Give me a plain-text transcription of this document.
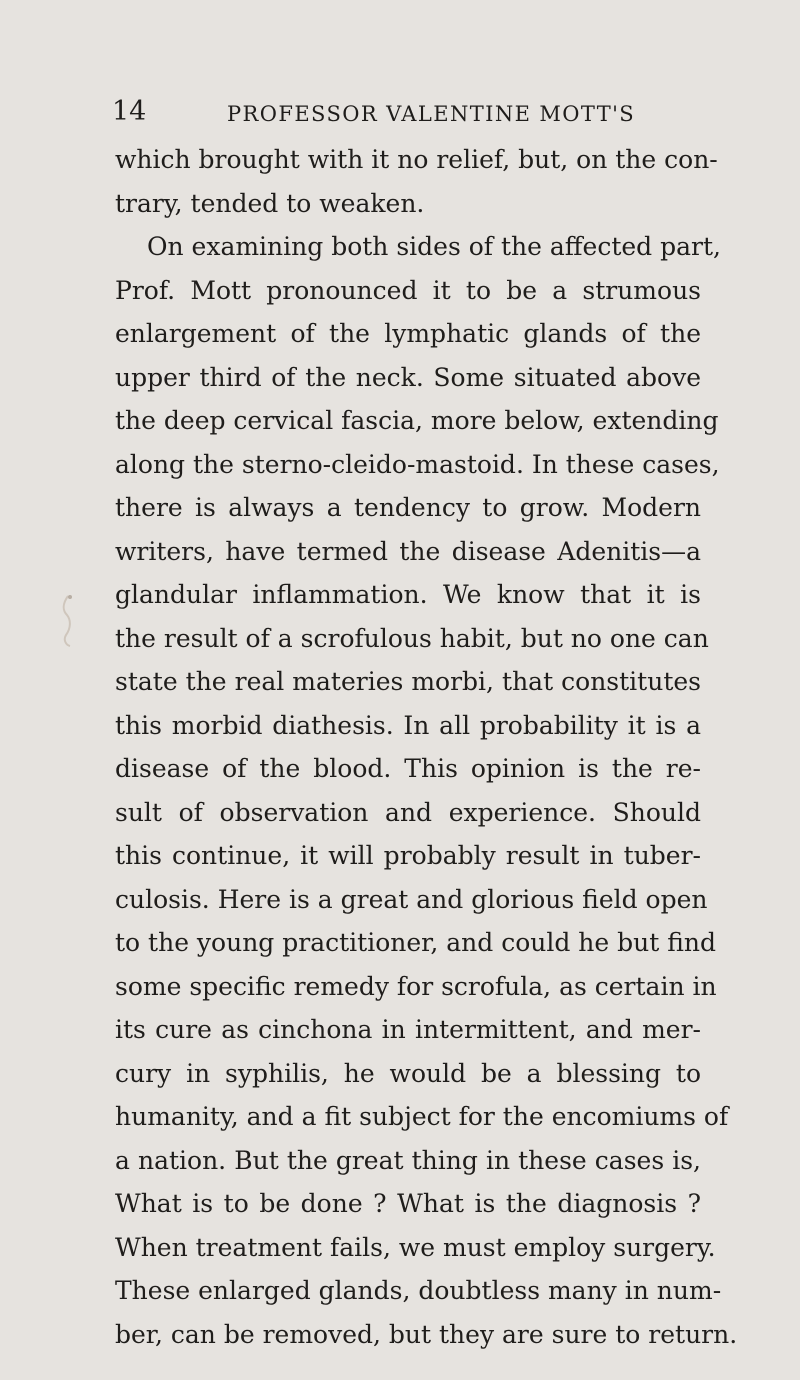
14	PROFESSOR VALENTINE MOTT'S
which brought with it no relief, but, on the con-
trary, tended to weaken.
On examining both sides of the affected part,
Prof. Mott pronounced it to be a strumous
enlargement of the lymphatic glands of the
upper third of the neck. Some situated above
the deep cervical fascia, more below, extending
along the sterno-cleido-mastoid. In these cases,
there is always a tendency to grow. Modern
writers, have termed the disease Adenitis—a
glandular inflammation. We know that it is
the result of a scrofulous habit, but no one can
state the real materies morbi, that constitutes
this morbid diathesis. In all probability it is a
disease of the blood. This opinion is the re-
sult of observation and experience. Should
this continue, it will probably result in tuber-
culosis. Here is a great and glorious field open
to the young practitioner, and could he but find
some specific remedy for scrofula, as certain in
its cure as cinchona in intermittent, and mer-
cury in syphilis, he would be a blessing to
humanity, and a fit subject for the encomiums of
a nation. But the great thing in these cases is,
What is to be done ? What is the diagnosis ?
When treatment fails, we must employ surgery.
These enlarged glands, doubtless many in num-
ber, can be removed, but they are sure to return.
